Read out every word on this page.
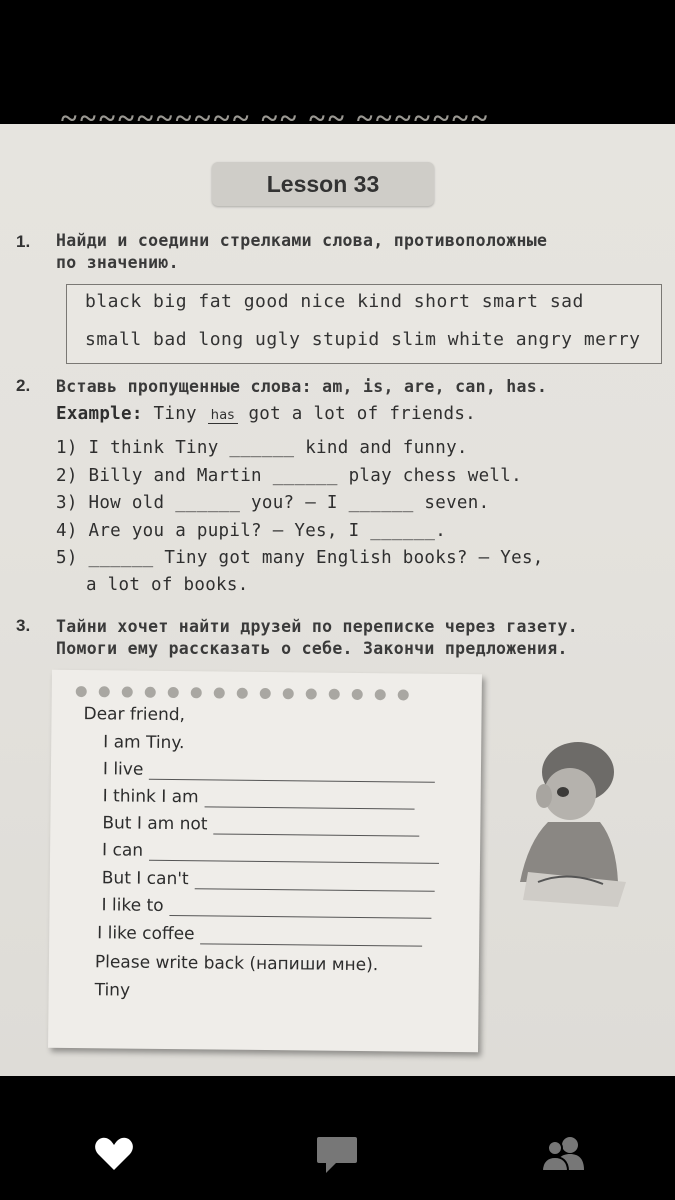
~~~~~~~~~~ ~~ ~~ ~~~~~~~
Lesson 33
1. Найди и соедини стрелками слова, противоположные
по значению.
black big fat good nice kind short smart sad
small bad long ugly stupid slim white angry merry
2. Вставь пропущенные слова: am, is, are, can, has.
Example: Tiny has got a lot of friends.
1) I think Tiny ______ kind and funny.
2) Billy and Martin ______ play chess well.
3) How old ______ you? — I ______ seven.
4) Are you a pupil? — Yes, I ______.
5) ______ Tiny got many English books? — Yes,
a lot of books.
3. Тайни хочет найти друзей по переписке через газету.
Помоги ему рассказать о себе. Закончи предложения.
Dear friend,
I am Tiny.
I live
I think I am
But I am not
I can
But I can't
I like to
I like coffee
Please write back (напиши мне).
Tiny
